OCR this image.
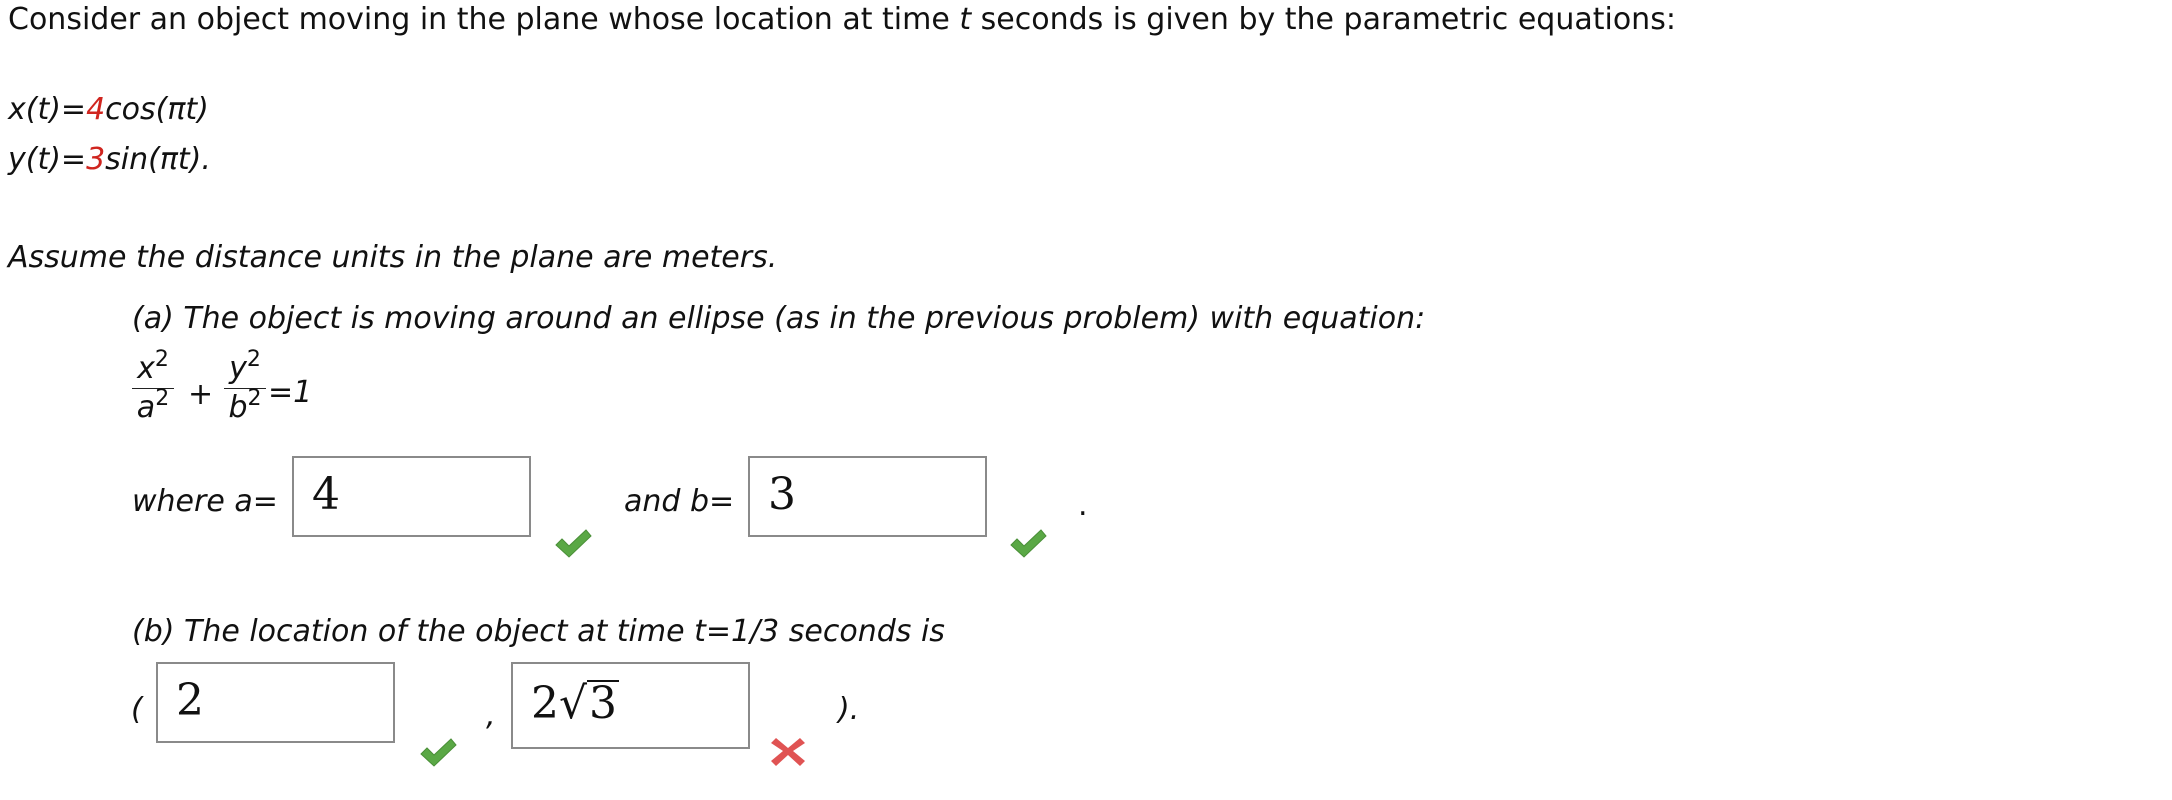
Consider an object moving in the plane whose location at time t seconds is given by the parametric equations:
x(t)=4cos(πt)
y(t)=3sin(πt).
Assume the distance units in the plane are meters.
(a) The object is moving around an ellipse (as in the previous problem) with equation:
$x^2$
$a^2$ +
$y^2$
$b^2 =1$
where a= 4	and b= 3	.
(b) The location of the object at time t=1/3 seconds is
( 2	, 2√3	).
